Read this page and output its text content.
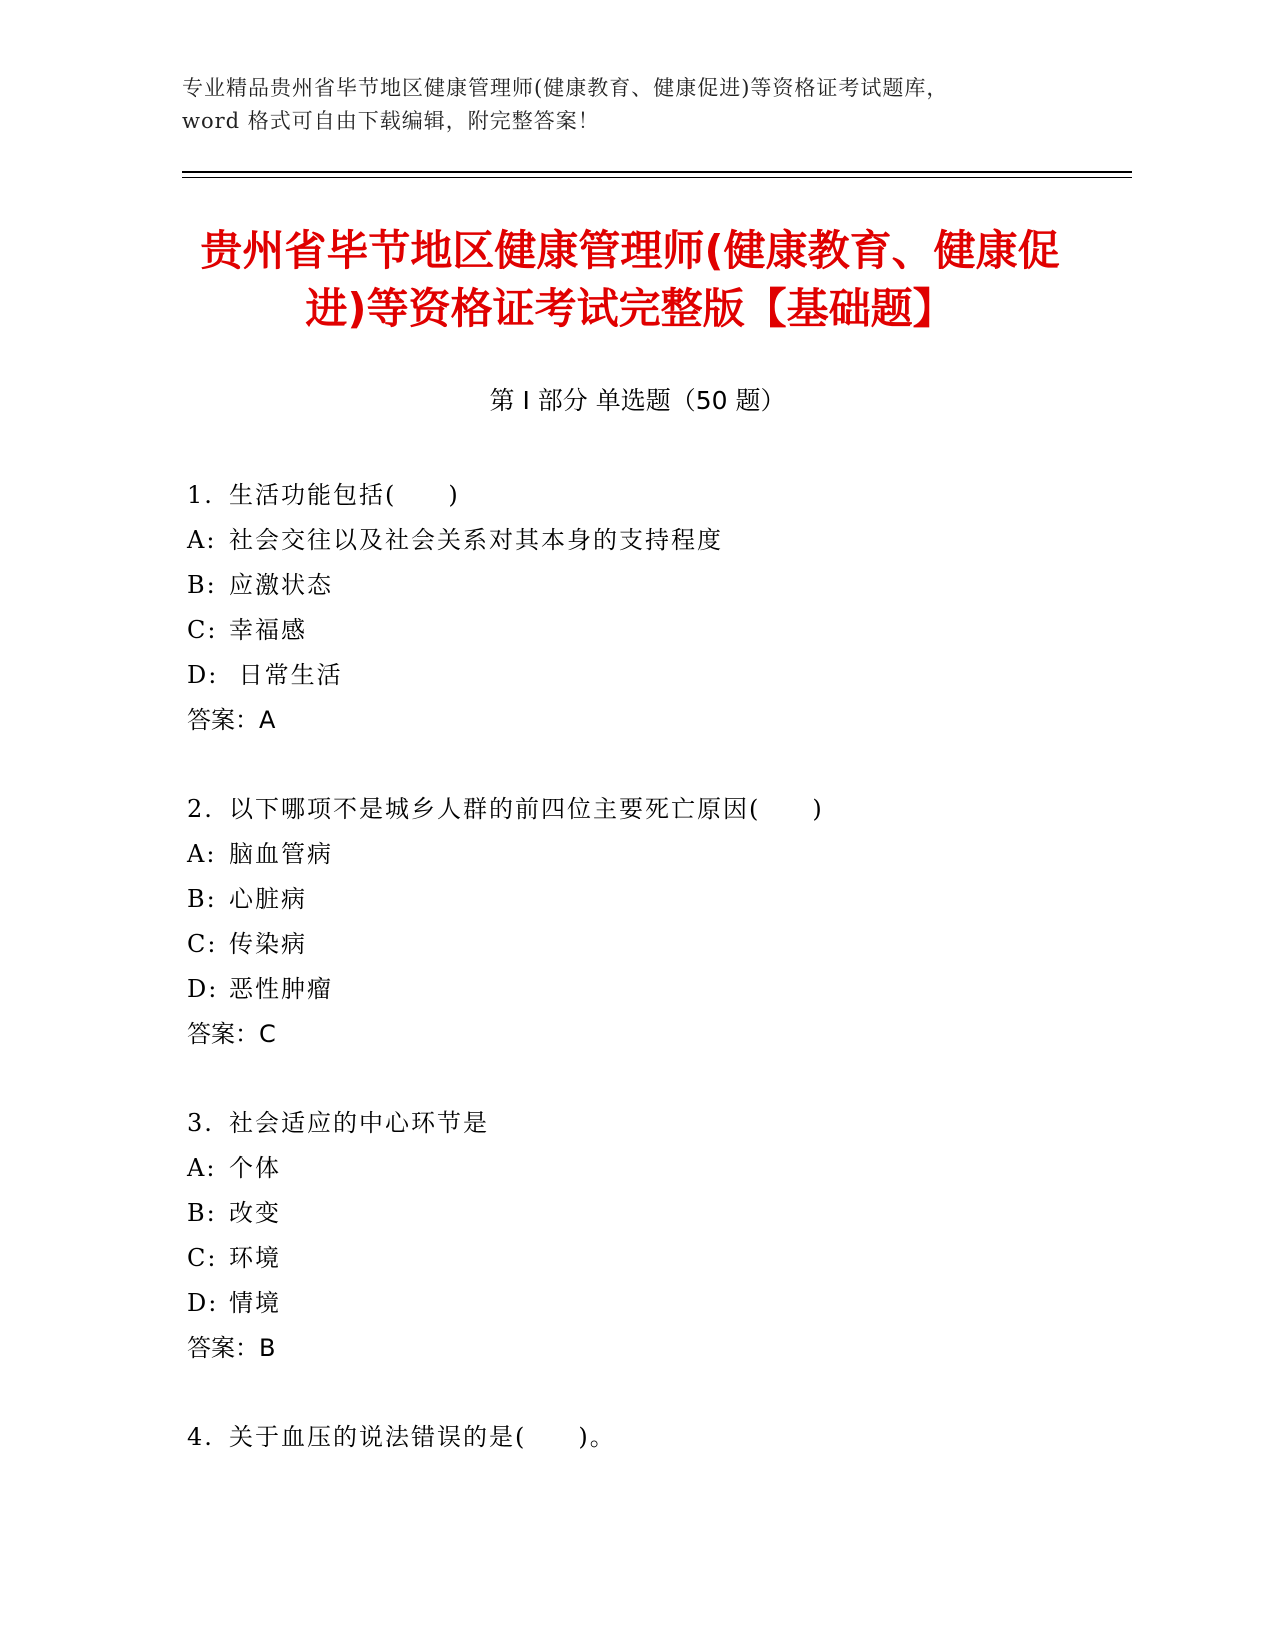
专业精品贵州省毕节地区健康管理师(健康教育、健康促进)等资格证考试题库，
word 格式可自由下载编辑，附完整答案！
贵州省毕节地区健康管理师(健康教育、健康促进)等资格证考试完整版【基础题】
第 I 部分 单选题（50 题）
1. 生活功能包括(　　)
A: 社会交往以及社会关系对其本身的支持程度
B: 应激状态
C: 幸福感
D: 日常生活
答案：A
2. 以下哪项不是城乡人群的前四位主要死亡原因(　　)
A: 脑血管病
B: 心脏病
C: 传染病
D: 恶性肿瘤
答案：C
3. 社会适应的中心环节是
A: 个体
B: 改变
C: 环境
D: 情境
答案：B
4. 关于血压的说法错误的是(　　)。
